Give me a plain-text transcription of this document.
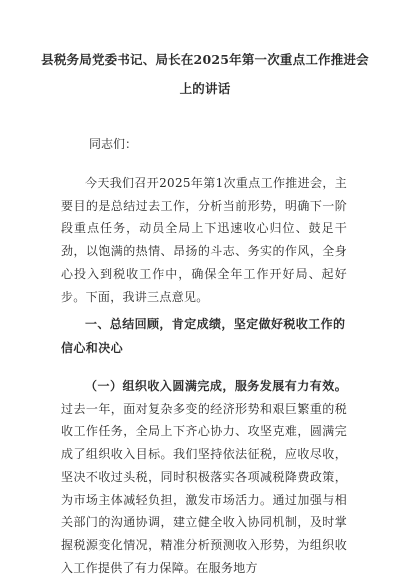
县税务局党委书记、局长在2025年第一次重点工作推进会
上的讲话
同志们：

今天我们召开2025年第1次重点工作推进会，主要目的是总结过去工作，分析当前形势，明确下一阶段重点任务，动员全局上下迅速收心归位、鼓足干劲，以饱满的热情、昂扬的斗志、务实的作风，全身心投入到税收工作中，确保全年工作开好局、起好步。下面，我讲三点意见。

一、总结回顾，肯定成绩，坚定做好税收工作的信心和决心

（一）组织收入圆满完成，服务发展有力有效。过去一年，面对复杂多变的经济形势和艰巨繁重的税收工作任务，全局上下齐心协力、攻坚克难，圆满完成了组织收入目标。我们坚持依法征税，应收尽收，坚决不收过头税，同时积极落实各项减税降费政策，为市场主体减轻负担，激发市场活力。通过加强与相关部门的沟通协调，建立健全收入协同机制，及时掌握税源变化情况，精准分析预测收入形势，为组织收入工作提供了有力保障。在服务地方
